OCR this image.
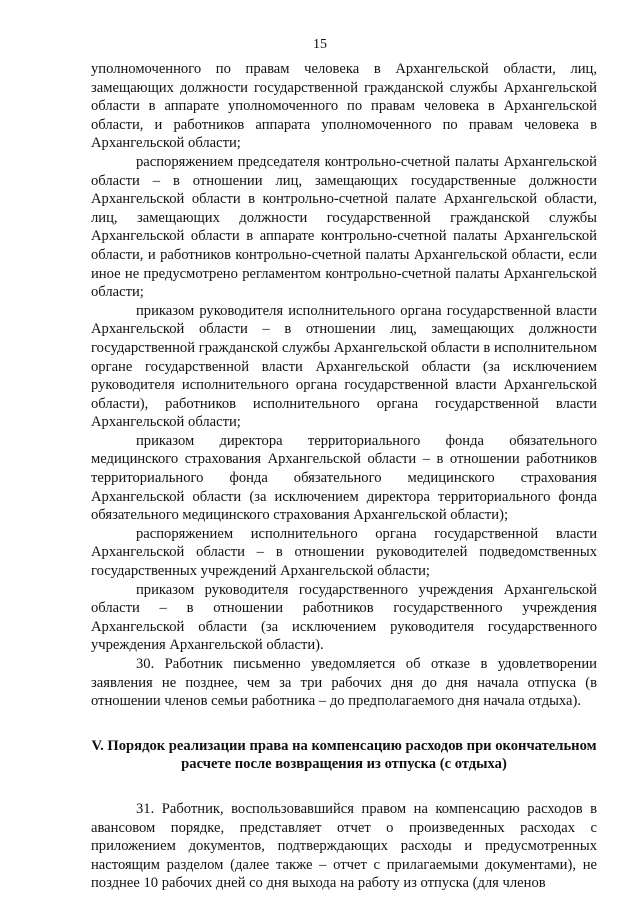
15

уполномоченного по правам человека в Архангельской области, лиц, замещающих должности государственной гражданской службы Архангельской области в аппарате уполномоченного по правам человека в Архангельской области, и работников аппарата уполномоченного по правам человека в Архангельской области;

распоряжением председателя контрольно-счетной палаты Архангельской области – в отношении лиц, замещающих государственные должности Архангельской области в контрольно-счетной палате Архангельской области, лиц, замещающих должности государственной гражданской службы Архангельской области в аппарате контрольно-счетной палаты Архангельской области, и работников контрольно-счетной палаты Архангельской области, если иное не предусмотрено регламентом контрольно-счетной палаты Архангельской области;

приказом руководителя исполнительного органа государственной власти Архангельской области – в отношении лиц, замещающих должности государственной гражданской службы Архангельской области в исполнительном органе государственной власти Архангельской области (за исключением руководителя исполнительного органа государственной власти Архангельской области), работников исполнительного органа государственной власти Архангельской области;

приказом директора территориального фонда обязательного медицинского страхования Архангельской области – в отношении работников территориального фонда обязательного медицинского страхования Архангельской области (за исключением директора территориального фонда обязательного медицинского страхования Архангельской области);

распоряжением исполнительного органа государственной власти Архангельской области – в отношении руководителей подведомственных государственных учреждений Архангельской области;

приказом руководителя государственного учреждения Архангельской области – в отношении работников государственного учреждения Архангельской области (за исключением руководителя государственного учреждения Архангельской области).

30. Работник письменно уведомляется об отказе в удовлетворении заявления не позднее, чем за три рабочих дня до дня начала отпуска (в отношении членов семьи работника – до предполагаемого дня начала отдыха).

V. Порядок реализации права на компенсацию расходов при окончательном расчете после возвращения из отпуска (с отдыха)

31. Работник, воспользовавшийся правом на компенсацию расходов в авансовом порядке, представляет отчет о произведенных расходах с приложением документов, подтверждающих расходы и предусмотренных настоящим разделом (далее также – отчет с прилагаемыми документами), не позднее 10 рабочих дней со дня выхода на работу из отпуска (для членов
